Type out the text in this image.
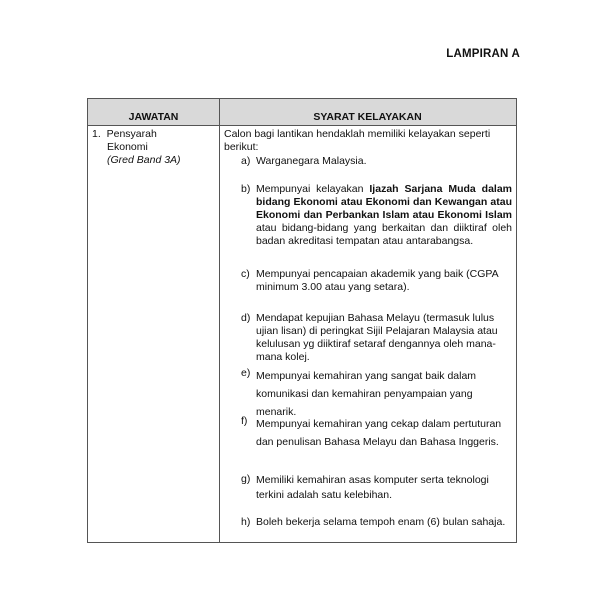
LAMPIRAN A
JAWATAN	SYARAT KELAYAKAN
1. Pensyarah
Ekonomi
(Gred Band 3A)
Calon bagi lantikan hendaklah memiliki kelayakan seperti berikut:
a) Warganegara Malaysia.
b) Mempunyai kelayakan Ijazah Sarjana Muda dalam bidang Ekonomi atau Ekonomi dan Kewangan atau Ekonomi dan Perbankan Islam atau Ekonomi Islam atau bidang-bidang yang berkaitan dan diiktiraf oleh badan akreditasi tempatan atau antarabangsa.
c) Mempunyai pencapaian akademik yang baik (CGPA minimum 3.00 atau yang setara).
d) Mendapat kepujian Bahasa Melayu (termasuk lulus ujian lisan) di peringkat Sijil Pelajaran Malaysia atau kelulusan yg diiktiraf setaraf dengannya oleh mana-mana kolej.
e) Mempunyai kemahiran yang sangat baik dalam komunikasi dan kemahiran penyampaian yang menarik.
f) Mempunyai kemahiran yang cekap dalam pertuturan dan penulisan Bahasa Melayu dan Bahasa Inggeris.
g) Memiliki kemahiran asas komputer serta teknologi terkini adalah satu kelebihan.
h) Boleh bekerja selama tempoh enam (6) bulan sahaja.
